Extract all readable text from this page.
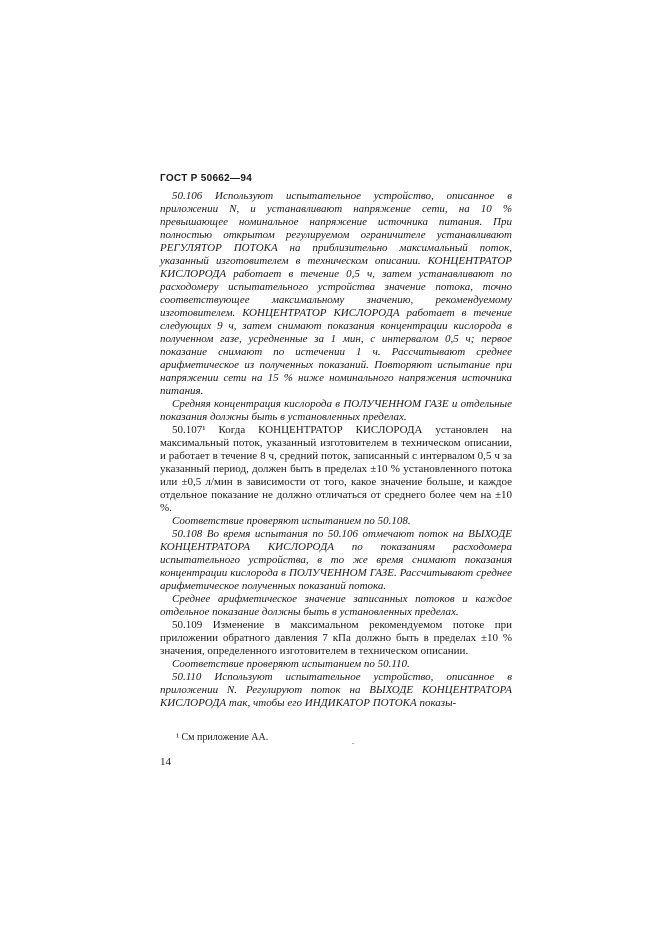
ГОСТ Р 50662—94

50.106 Используют испытательное устройство, описанное в приложении N, и устанавливают напряжение сети, на 10 % превышающее номинальное напряжение источника питания. При полностью открытом регулируемом ограничителе устанавливают РЕГУЛЯТОР ПОТОКА на приблизительно максимальный поток, указанный изготовителем в техническом описании. КОНЦЕНТРАТОР КИСЛОРОДА работает в течение 0,5 ч, затем устанавливают по расходомеру испытательного устройства значение потока, точно соответствующее максимальному значению, рекомендуемому изготовителем. КОНЦЕНТРАТОР КИСЛОРОДА работает в течение следующих 9 ч, затем снимают показания концентрации кислорода в полученном газе, усредненные за 1 мин, с интервалом 0,5 ч; первое показание снимают по истечении 1 ч. Рассчитывают среднее арифметическое из полученных показаний. Повторяют испытание при напряжении сети на 15 % ниже номинального напряжения источника питания.

Средняя концентрация кислорода в ПОЛУЧЕННОМ ГАЗЕ и отдельные показания должны быть в установленных пределах.

50.107¹ Когда КОНЦЕНТРАТОР КИСЛОРОДА установлен на максимальный поток, указанный изготовителем в техническом описании, и работает в течение 8 ч, средний поток, записанный с интервалом 0,5 ч за указанный период, должен быть в пределах ±10 % установленного потока или ±0,5 л/мин в зависимости от того, какое значение больше, и каждое отдельное показание не должно отличаться от среднего более чем на ±10 %.

Соответствие проверяют испытанием по 50.108.

50.108 Во время испытания по 50.106 отмечают поток на ВЫХОДЕ КОНЦЕНТРАТОРА КИСЛОРОДА по показаниям расходомера испытательного устройства, в то же время снимают показания концентрации кислорода в ПОЛУЧЕННОМ ГАЗЕ. Рассчитывают среднее арифметическое полученных показаний потока.

Среднее арифметическое значение записанных потоков и каждое отдельное показание должны быть в установленных пределах.

50.109 Изменение в максимальном рекомендуемом потоке при приложении обратного давления 7 кПа должно быть в пределах ±10 % значения, определенного изготовителем в техническом описании.

Соответствие проверяют испытанием по 50.110.

50.110 Используют испытательное устройство, описанное в приложении N. Регулируют поток на ВЫХОДЕ КОНЦЕНТРАТОРА КИСЛОРОДА так, чтобы его ИНДИКАТОР ПОТОКА показы-

¹ См приложение АА.	.
14
